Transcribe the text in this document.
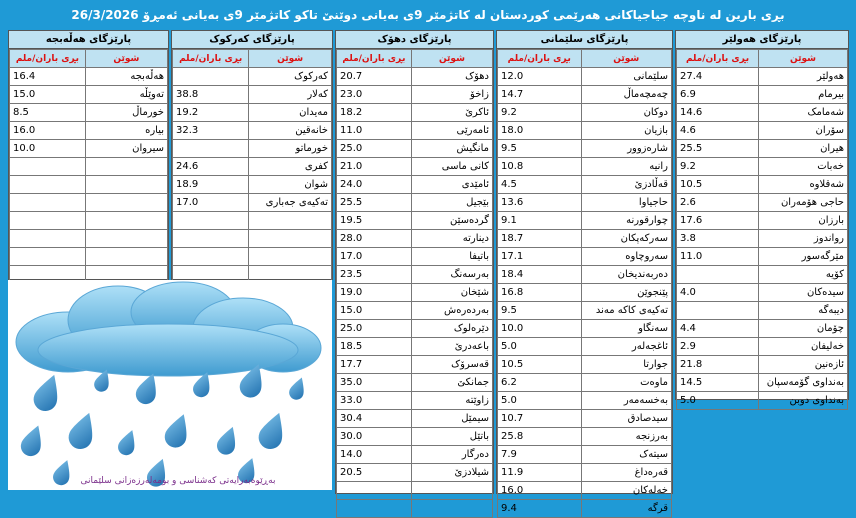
بڕی بارین لە ناوچە جیاجیاکانی هەرێمی کوردستان لە کاتژمێر 9ی بەیانی دوێنێ تاکو کاتژمێر 9ی بەیانی ئەمڕۆ 26/3/2026
پارێزگای هەولێر
شوێن	بڕی باران/ملم
هەولێر	27.4
بیرمام	6.9
شەمامک	14.6
سۆران	4.6
هیران	25.5
خەبات	9.2
شەقلاوە	10.5
حاجی هۆمەران	2.6
بارزان	17.6
رواندوز	3.8
مێرگەسور	11.0
کۆیە	
سیدەکان	4.0
دیبەگە	
چۆمان	4.4
خەلیفان	2.9
ئازەنین	21.8
بەنداوی گۆمەسپان	14.5
بەنداوی دوبن	5.0
پارێزگای سلێمانی
شوێن	بڕی باران/ملم
سلێمانی	12.0
چەمچەماڵ	14.7
دوکان	9.2
بازیان	18.0
شارەزوور	9.5
رانیە	10.8
قەڵادزێ	4.5
حاجیاوا	13.6
چوارقورنە	9.1
سەرکەپکان	18.7
سەروچاوە	17.1
دەربەندیخان	18.4
پێنجوێن	16.8
تەکیەی کاکە مەند	9.5
سەنگاو	10.0
ئاغجەلەر	5.0
جوارتا	10.5
ماوەت	6.2
بەخسەمەر	5.0
سیدصادق	10.7
بەرزنجە	25.8
سیتەک	7.9
قەرەداغ	11.9
خەلەکان	16.0
قرگە	9.4
پارێزگای دهۆک
شوێن	بڕی باران/ملم
دهۆک	20.7
زاخۆ	23.0
ئاکرێ	18.2
ئامەرێی	11.0
مانگیش	25.0
کانی ماسی	21.0
ئامێدی	24.0
بێجیل	25.5
گردەسێن	19.5
دینارتە	28.0
باتیفا	17.0
بەرسەنگ	23.5
شێخان	19.0
بەردەرەش	15.0
دێرەلوک	25.0
باعەدرێ	18.5
قەسرۆک	17.7
جمانکێ	35.0
زاوێتە	33.0
سیمێل	30.4
باتێل	30.0
دەرگار	14.0
شیلادزێ	20.5

پارێزگای کەرکوک
شوێن	بڕی باران/ملم
کەرکوک	
کەلار	38.8
مەیدان	19.2
خانەقین	32.3
خورماتو	
کفری	24.6
شوان	18.9
تەکیەی جەباری	17.0

پارێزگای هەڵەبجە
شوێن	بڕی باران/ملم
هەڵەبجە	16.4
تەوێڵە	15.0
خورماڵ	8.5
بیارە	16.0
سیروان	10.0

بەڕێوەبەرایەتی کەشناسی و بومەلەرزەزانی سلێمانی
